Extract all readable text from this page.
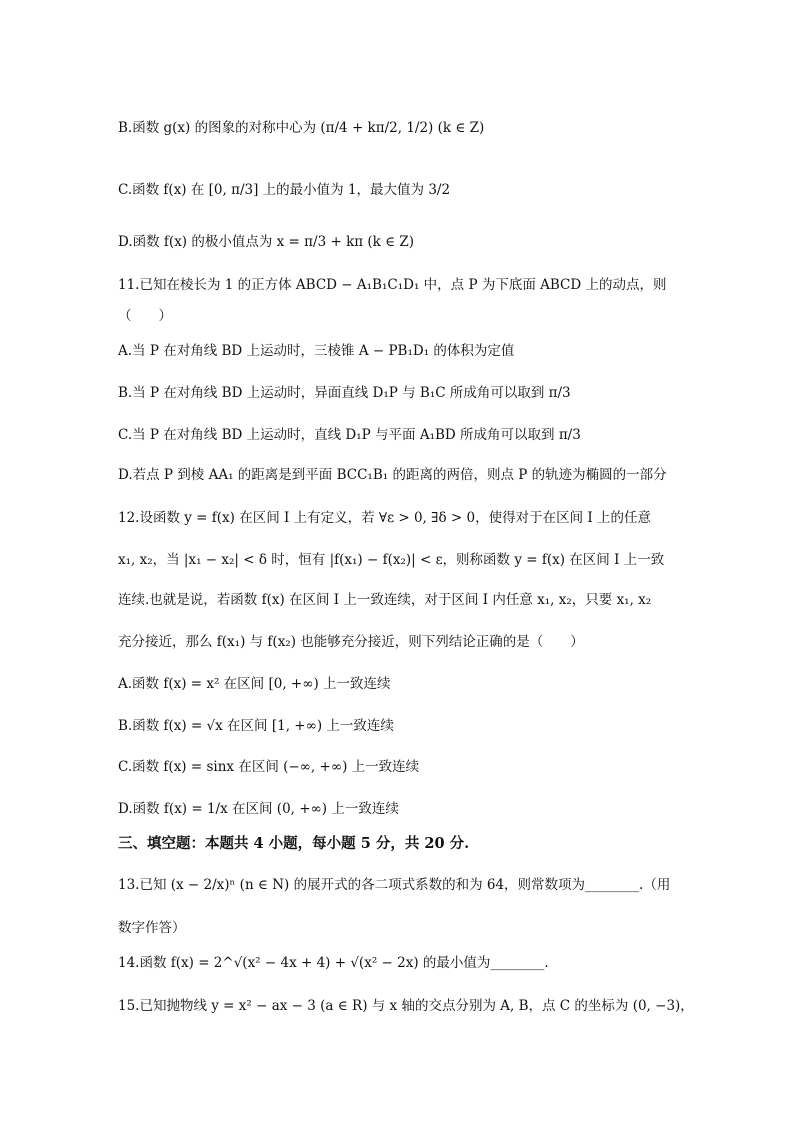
B.函数 g(x) 的图象的对称中心为 (π/4 + kπ/2, 1/2) (k ∈ Z)
C.函数 f(x) 在 [0, π/3] 上的最小值为 1，最大值为 3/2
D.函数 f(x) 的极小值点为 x = π/3 + kπ (k ∈ Z)
11.已知在棱长为 1 的正方体 ABCD − A₁B₁C₁D₁ 中，点 P 为下底面 ABCD 上的动点，则
（　　）
A.当 P 在对角线 BD 上运动时，三棱锥 A − PB₁D₁ 的体积为定值
B.当 P 在对角线 BD 上运动时，异面直线 D₁P 与 B₁C 所成角可以取到 π/3
C.当 P 在对角线 BD 上运动时，直线 D₁P 与平面 A₁BD 所成角可以取到 π/3
D.若点 P 到棱 AA₁ 的距离是到平面 BCC₁B₁ 的距离的两倍，则点 P 的轨迹为椭圆的一部分
12.设函数 y = f(x) 在区间 I 上有定义，若 ∀ε > 0, ∃δ > 0，使得对于在区间 I 上的任意
x₁, x₂，当 |x₁ − x₂| < δ 时，恒有 |f(x₁) − f(x₂)| < ε，则称函数 y = f(x) 在区间 I 上一致
连续.也就是说，若函数 f(x) 在区间 I 上一致连续，对于区间 I 内任意 x₁, x₂，只要 x₁, x₂
充分接近，那么 f(x₁) 与 f(x₂) 也能够充分接近，则下列结论正确的是（　　）
A.函数 f(x) = x² 在区间 [0, +∞) 上一致连续
B.函数 f(x) = √x 在区间 [1, +∞) 上一致连续
C.函数 f(x) = sinx 在区间 (−∞, +∞) 上一致连续
三、填空题：本题共 4 小题，每小题 5 分，共 20 分.
D.函数 f(x) = 1/x 在区间 (0, +∞) 上一致连续
13.已知 (x − 2/x)ⁿ (n ∈ N) 的展开式的各二项式系数的和为 64，则常数项为________.（用
数字作答）
14.函数 f(x) = 2^√(x² − 4x + 4) + √(x² − 2x) 的最小值为________.
15.已知抛物线 y = x² − ax − 3 (a ∈ R) 与 x 轴的交点分别为 A, B，点 C 的坐标为 (0, −3)，
